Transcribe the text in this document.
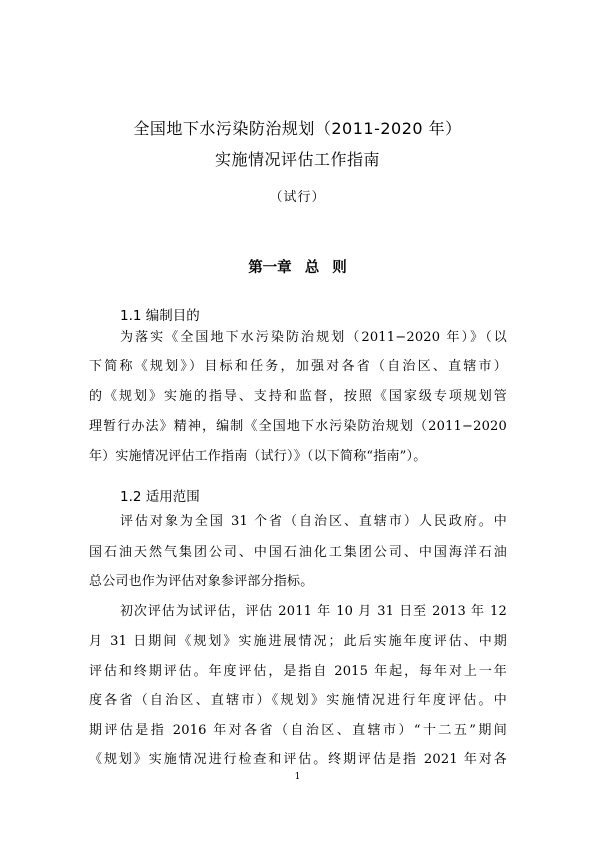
全国地下水污染防治规划（2011-2020 年）
实施情况评估工作指南
（试行）
第一章 总 则
1.1 编制目的
为落实《全国地下水污染防治规划（2011−2020 年）》（以
下简称《规划》）目标和任务，加强对各省（自治区、直辖市）
的《规划》实施的指导、支持和监督，按照《国家级专项规划管
理暂行办法》精神，编制《全国地下水污染防治规划（2011−2020
年）实施情况评估工作指南（试行）》（以下简称“指南”）。
1.2 适用范围
评估对象为全国 31 个省（自治区、直辖市）人民政府。中
国石油天然气集团公司、中国石油化工集团公司、中国海洋石油
总公司也作为评估对象参评部分指标。
初次评估为试评估，评估 2011 年 10 月 31 日至 2013 年 12
月 31 日期间《规划》实施进展情况；此后实施年度评估、中期
评估和终期评估。年度评估，是指自 2015 年起，每年对上一年
度各省（自治区、直辖市）《规划》实施情况进行年度评估。中
期评估是指 2016 年对各省（自治区、直辖市）“十二五”期间
《规划》实施情况进行检查和评估。终期评估是指 2021 年对各
1
